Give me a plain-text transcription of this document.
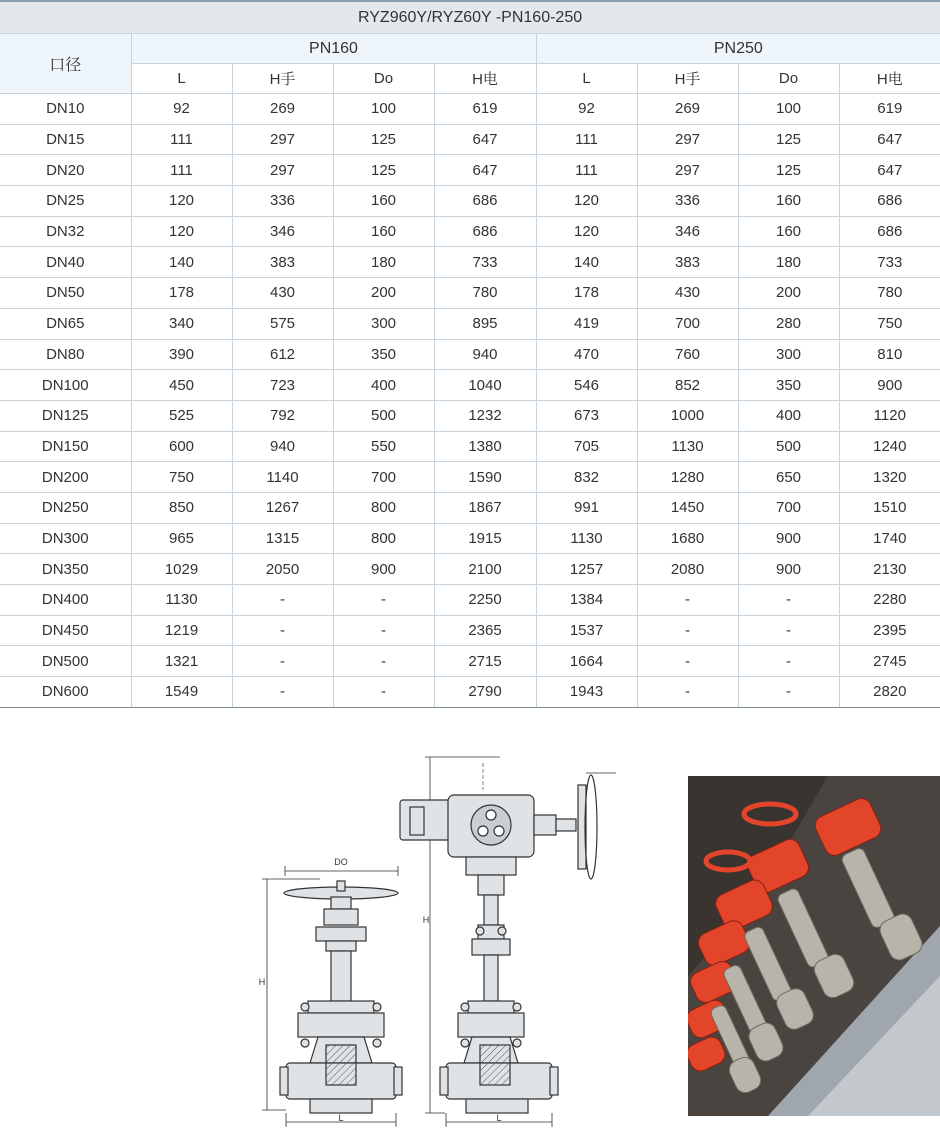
RYZ960Y/RYZ60Y -PN160-250								
口径	PN160				PN250			
	L	H手	Do	H电	L	H手	Do	H电
DN10	92	269	100	619	92	269	100	619
DN15	111	297	125	647	111	297	125	647
DN20	111	297	125	647	111	297	125	647
DN25	120	336	160	686	120	336	160	686
DN32	120	346	160	686	120	346	160	686
DN40	140	383	180	733	140	383	180	733
DN50	178	430	200	780	178	430	200	780
DN65	340	575	300	895	419	700	280	750
DN80	390	612	350	940	470	760	300	810
DN100	450	723	400	1040	546	852	350	900
DN125	525	792	500	1232	673	1000	400	1120
DN150	600	940	550	1380	705	1130	500	1240
DN200	750	1140	700	1590	832	1280	650	1320
DN250	850	1267	800	1867	991	1450	700	1510
DN300	965	1315	800	1915	1130	1680	900	1740
DN350	1029	2050	900	2100	1257	2080	900	2130
DN400	1130	-	-	2250	1384	-	-	2280
DN450	1219	-	-	2365	1537	-	-	2395
DN500	1321	-	-	2715	1664	-	-	2745
DN600	1549	-	-	2790	1943	-	-	2820
DO
H
L
H
L
